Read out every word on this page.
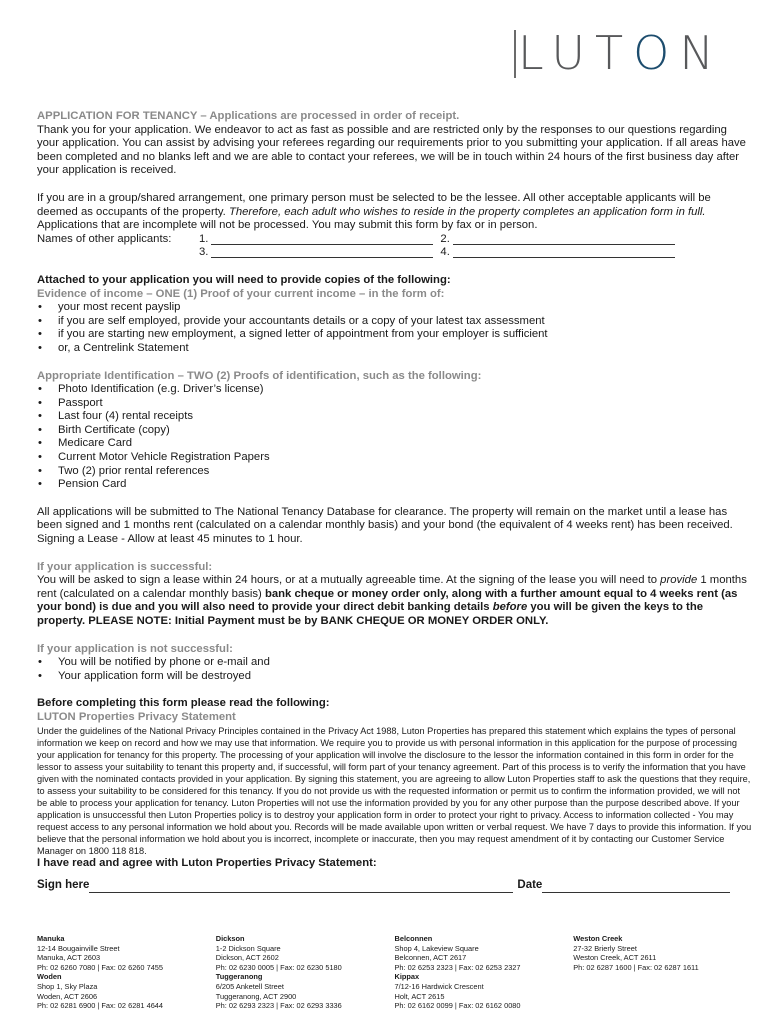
LUTON

APPLICATION FOR TENANCY – Applications are processed in order of receipt.

Thank you for your application. We endeavor to act as fast as possible and are restricted only by the responses to our questions regarding your application. You can assist by advising your referees regarding our requirements prior to you submitting your application. If all areas have been completed and no blanks left and we are able to contact your referees, we will be in touch within 24 hours of the first business day after your application is received.

If you are in a group/shared arrangement, one primary person must be selected to be the lessee. All other acceptable applicants will be deemed as occupants of the property. Therefore, each adult who wishes to reside in the property completes an application form in full. Applications that are incomplete will not be processed. You may submit this form by fax or in person.

Names of other applicants:	1.	2.
3.	4.

Attached to your application you will need to provide copies of the following:

Evidence of income – ONE (1) Proof of your current income – in the form of:

• your most recent payslip
• if you are self employed, provide your accountants details or a copy of your latest tax assessment
• if you are starting new employment, a signed letter of appointment from your employer is sufficient
• or, a Centrelink Statement

Appropriate Identification – TWO (2) Proofs of identification, such as the following:

• Photo Identification (e.g. Driver’s license)
• Passport
• Last four (4) rental receipts
• Birth Certificate (copy)
• Medicare Card
• Current Motor Vehicle Registration Papers
• Two (2) prior rental references
• Pension Card

All applications will be submitted to The National Tenancy Database for clearance. The property will remain on the market until a lease has been signed and 1 months rent (calculated on a calendar monthly basis) and your bond (the equivalent of 4 weeks rent) has been received. Signing a Lease - Allow at least 45 minutes to 1 hour.

If your application is successful:

You will be asked to sign a lease within 24 hours, or at a mutually agreeable time. At the signing of the lease you will need to provide 1 months rent (calculated on a calendar monthly basis) bank cheque or money order only, along with a further amount equal to 4 weeks rent (as your bond) is due and you will also need to provide your direct debit banking details before you will be given the keys to the property. PLEASE NOTE: Initial Payment must be by BANK CHEQUE OR MONEY ORDER ONLY.

If your application is not successful:

• You will be notified by phone or e-mail and
• Your application form will be destroyed

Before completing this form please read the following:

LUTON Properties Privacy Statement

Under the guidelines of the National Privacy Principles contained in the Privacy Act 1988, Luton Properties has prepared this statement which explains the types of personal information we keep on record and how we may use that information. We require you to provide us with personal information in this application for the purpose of processing your application for tenancy for this property. The processing of your application will involve the disclosure to the lessor the information contained in this form in order for the lessor to assess your suitability to tenant this property and, if successful, will form part of your tenancy agreement. Part of this process is to verify the information that you have given with the nominated contacts provided in your application. By signing this statement, you are agreeing to allow Luton Properties staff to ask the questions that they require, to assess your suitability to be considered for this tenancy. If you do not provide us with the requested information or permit us to confirm the information provided, we will not be able to process your application for tenancy. Luton Properties will not use the information provided by you for any other purpose than the purpose described above. If your application is unsuccessful then Luton Properties policy is to destroy your application form in order to protect your right to privacy. Access to information collected - You may request access to any personal information we hold about you. Records will be made available upon written or verbal request. We have 7 days to provide this information. If you believe that the personal information we hold about you is incorrect, incomplete or inaccurate, then you may request amendment of it by contacting our Customer Service Manager on 1800 118 818.

I have read and agree with Luton Properties Privacy Statement:

Sign here	Date
Manuka
12-14 Bougainville Street
Manuka, ACT 2603
Ph: 02 6260 7080 | Fax: 02 6260 7455
Woden
Shop 1, Sky Plaza
Woden, ACT 2606
Ph: 02 6281 6900 | Fax: 02 6281 4644
Dickson
1-2 Dickson Square
Dickson, ACT 2602
Ph: 02 6230 0005 | Fax: 02 6230 5180
Tuggeranong
6/205 Anketell Street
Tuggeranong, ACT 2900
Ph: 02 6293 2323 | Fax: 02 6293 3336
Belconnen
Shop 4, Lakeview Square
Belconnen, ACT 2617
Ph: 02 6253 2323 | Fax: 02 6253 2327
Kippax
7/12-16 Hardwick Crescent
Holt, ACT 2615
Ph: 02 6162 0099 | Fax: 02 6162 0080
Weston Creek
27-32 Brierly Street
Weston Creek, ACT 2611
Ph: 02 6287 1600 | Fax: 02 6287 1611
